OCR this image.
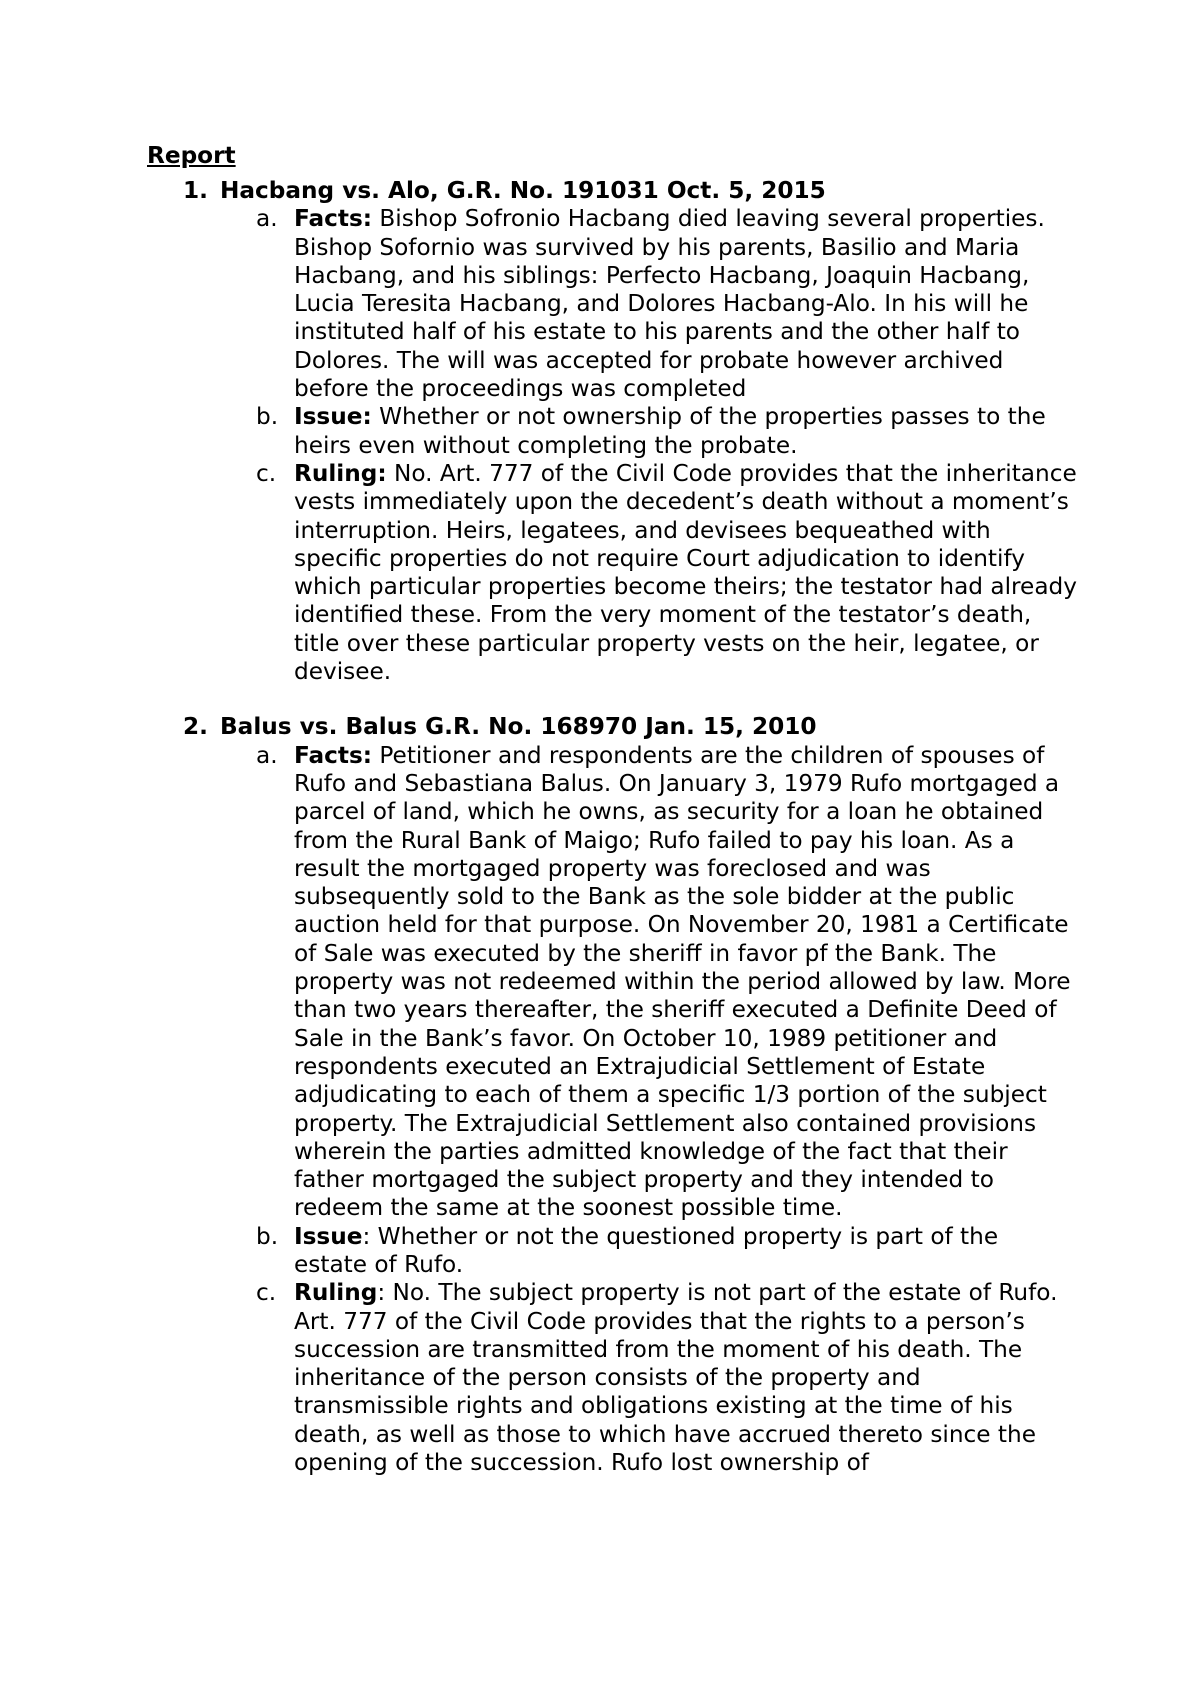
Report
1. Hacbang vs. Alo, G.R. No. 191031 Oct. 5, 2015
a. Facts: Bishop Sofronio Hacbang died leaving several properties. Bishop Sofornio was survived by his parents, Basilio and Maria Hacbang, and his siblings: Perfecto Hacbang, Joaquin Hacbang, Lucia Teresita Hacbang, and Dolores Hacbang-Alo. In his will he instituted half of his estate to his parents and the other half to Dolores. The will was accepted for probate however archived before the proceedings was completed
b. Issue: Whether or not ownership of the properties passes to the heirs even without completing the probate.
c. Ruling: No. Art. 777 of the Civil Code provides that the inheritance vests immediately upon the decedent’s death without a moment’s interruption. Heirs, legatees, and devisees bequeathed with specific properties do not require Court adjudication to identify which particular properties become theirs; the testator had already identified these. From the very moment of the testator’s death, title over these particular property vests on the heir, legatee, or devisee.
2. Balus vs. Balus G.R. No. 168970 Jan. 15, 2010
a. Facts: Petitioner and respondents are the children of spouses of Rufo and Sebastiana Balus. On January 3, 1979 Rufo mortgaged a parcel of land, which he owns, as security for a loan he obtained from the Rural Bank of Maigo; Rufo failed to pay his loan. As a result the mortgaged property was foreclosed and was subsequently sold to the Bank as the sole bidder at the public auction held for that purpose. On November 20, 1981 a Certificate of Sale was executed by the sheriff in favor pf the Bank. The property was not redeemed within the period allowed by law. More than two years thereafter, the sheriff executed a Definite Deed of Sale in the Bank’s favor. On October 10, 1989 petitioner and respondents executed an Extrajudicial Settlement of Estate adjudicating to each of them a specific 1/3 portion of the subject property. The Extrajudicial Settlement also contained provisions wherein the parties admitted knowledge of the fact that their father mortgaged the subject property and they intended to redeem the same at the soonest possible time.
b. Issue: Whether or not the questioned property is part of the estate of Rufo.
c. Ruling: No. The subject property is not part of the estate of Rufo. Art. 777 of the Civil Code provides that the rights to a person’s succession are transmitted from the moment of his death. The inheritance of the person consists of the property and transmissible rights and obligations existing at the time of his death, as well as those to which have accrued thereto since the opening of the succession. Rufo lost ownership of
